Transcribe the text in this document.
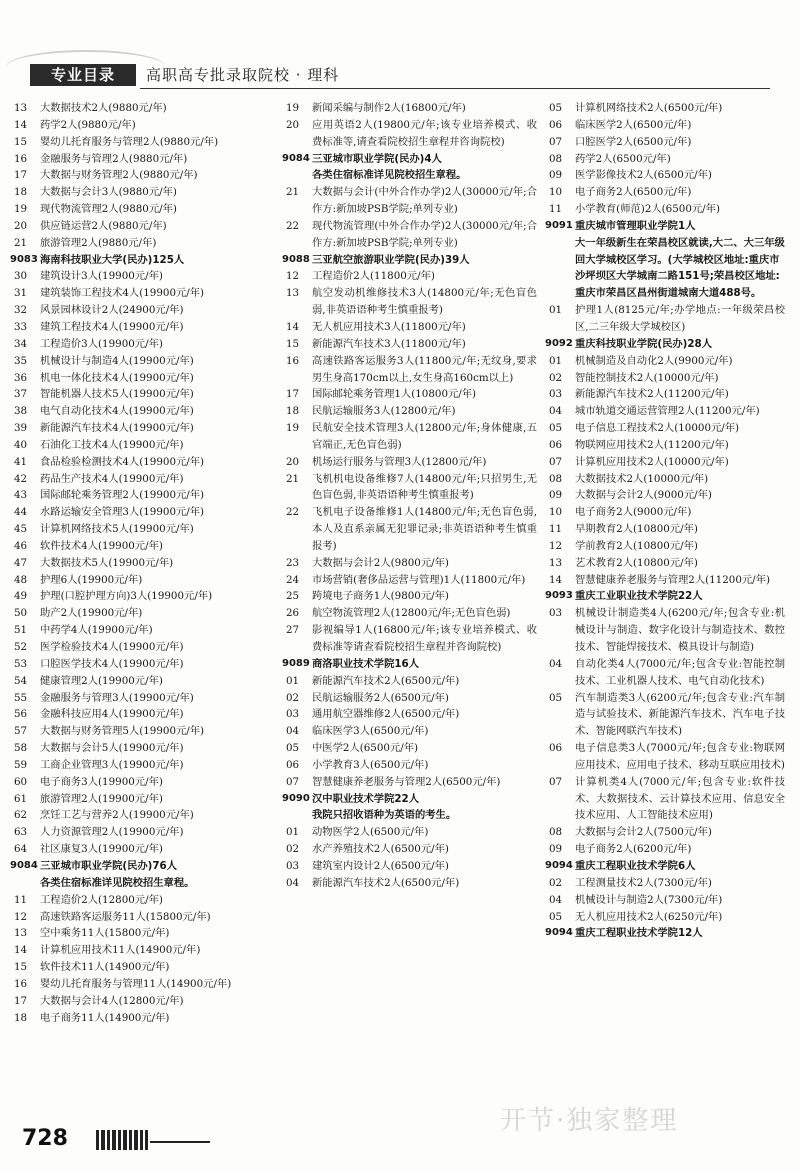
专业目录	高职高专批录取院校 · 理科
13	大数据技术2人(9880元/年)
14	药学2人(9880元/年)
15	婴幼儿托育服务与管理2人(9880元/年)
16	金融服务与管理2人(9880元/年)
17	大数据与财务管理2人(9880元/年)
18	大数据与会计3人(9880元/年)
19	现代物流管理2人(9880元/年)
20	供应链运营2人(9880元/年)
21	旅游管理2人(9880元/年)
9083 海南科技职业大学(民办)125人
30	建筑设计3人(19900元/年)
31	建筑装饰工程技术4人(19900元/年)
32	风景园林设计2人(24900元/年)
33	建筑工程技术4人(19900元/年)
34	工程造价3人(19900元/年)
35	机械设计与制造4人(19900元/年)
36	机电一体化技术4人(19900元/年)
37	智能机器人技术5人(19900元/年)
38	电气自动化技术4人(19900元/年)
39	新能源汽车技术4人(19900元/年)
40	石油化工技术4人(19900元/年)
41	食品检验检测技术4人(19900元/年)
42	药品生产技术4人(19900元/年)
43	国际邮轮乘务管理2人(19900元/年)
44	水路运输安全管理3人(19900元/年)
45	计算机网络技术5人(19900元/年)
46	软件技术4人(19900元/年)
47	大数据技术5人(19900元/年)
48	护理6人(19900元/年)
49	护理(口腔护理方向)3人(19900元/年)
50	助产2人(19900元/年)
51	中药学4人(19900元/年)
52	医学检验技术4人(19900元/年)
53	口腔医学技术4人(19900元/年)
54	健康管理2人(19900元/年)
55	金融服务与管理3人(19900元/年)
56	金融科技应用4人(19900元/年)
57	大数据与财务管理5人(19900元/年)
58	大数据与会计5人(19900元/年)
59	工商企业管理3人(19900元/年)
60	电子商务3人(19900元/年)
61	旅游管理2人(19900元/年)
62	烹饪工艺与营养2人(19900元/年)
63	人力资源管理2人(19900元/年)
64	社区康复3人(19900元/年)
9084 三亚城市职业学院(民办)76人
各类住宿标准详见院校招生章程。
11	工程造价2人(12800元/年)
12	高速铁路客运服务11人(15800元/年)
13	空中乘务11人(15800元/年)
14	计算机应用技术11人(14900元/年)
15	软件技术11人(14900元/年)
16	婴幼儿托育服务与管理11人(14900元/年)
17	大数据与会计4人(12800元/年)
18	电子商务11人(14900元/年)
19	新闻采编与制作2人(16800元/年)
20	应用英语2人(19800元/年;该专业培养模式、收费标准等,请查看院校招生章程并咨询院校)
9084 三亚城市职业学院(民办)4人
各类住宿标准详见院校招生章程。
21	大数据与会计(中外合作办学)2人(30000元/年;合作方:新加坡PSB学院;单列专业)
22	现代物流管理(中外合作办学)2人(30000元/年;合作方:新加坡PSB学院;单列专业)
9088 三亚航空旅游职业学院(民办)39人
12	工程造价2人(11800元/年)
13	航空发动机维修技术3人(14800元/年;无色盲色弱,非英语语种考生慎重报考)
14	无人机应用技术3人(11800元/年)
15	新能源汽车技术3人(11800元/年)
16	高速铁路客运服务3人(11800元/年;无纹身,要求男生身高170cm以上,女生身高160cm以上)
17	国际邮轮乘务管理1人(10800元/年)
18	民航运输服务3人(12800元/年)
19	民航安全技术管理3人(12800元/年;身体健康,五官端正,无色盲色弱)
20	机场运行服务与管理3人(12800元/年)
21	飞机机电设备维修7人(14800元/年;只招男生,无色盲色弱,非英语语种考生慎重报考)
22	飞机电子设备维修1人(14800元/年;无色盲色弱,本人及直系亲属无犯罪记录;非英语语种考生慎重报考)
23	大数据与会计2人(9800元/年)
24	市场营销(奢侈品运营与管理)1人(11800元/年)
25	跨境电子商务1人(9800元/年)
26	航空物流管理2人(12800元/年;无色盲色弱)
27	影视编导1人(16800元/年;该专业培养模式、收费标准等请查看院校招生章程并咨询院校)
9089 商洛职业技术学院16人
01	新能源汽车技术2人(6500元/年)
02	民航运输服务2人(6500元/年)
03	通用航空器维修2人(6500元/年)
04	临床医学3人(6500元/年)
05	中医学2人(6500元/年)
06	小学教育3人(6500元/年)
07	智慧健康养老服务与管理2人(6500元/年)
9090 汉中职业技术学院22人
我院只招收语种为英语的考生。
01	动物医学2人(6500元/年)
02	水产养殖技术2人(6500元/年)
03	建筑室内设计2人(6500元/年)
04	新能源汽车技术2人(6500元/年)
05	计算机网络技术2人(6500元/年)
06	临床医学2人(6500元/年)
07	口腔医学2人(6500元/年)
08	药学2人(6500元/年)
09	医学影像技术2人(6500元/年)
10	电子商务2人(6500元/年)
11	小学教育(师范)2人(6500元/年)
9091 重庆城市管理职业学院1人
大一年级新生在荣昌校区就读,大二、大三年级回大学城校区学习。(大学城校区地址:重庆市沙坪坝区大学城南二路151号;荣昌校区地址:重庆市荣昌区昌州街道城南大道488号。
01	护理1人(8125元/年;办学地点:一年级荣昌校区,二三年级大学城校区)
9092 重庆科技职业学院(民办)28人
01	机械制造及自动化2人(9900元/年)
02	智能控制技术2人(10000元/年)
03	新能源汽车技术2人(11200元/年)
04	城市轨道交通运营管理2人(11200元/年)
05	电子信息工程技术2人(10000元/年)
06	物联网应用技术2人(11200元/年)
07	计算机应用技术2人(10000元/年)
08	大数据技术2人(10000元/年)
09	大数据与会计2人(9000元/年)
10	电子商务2人(9000元/年)
11	早期教育2人(10800元/年)
12	学前教育2人(10800元/年)
13	艺术教育2人(10800元/年)
14	智慧健康养老服务与管理2人(11200元/年)
9093 重庆工业职业技术学院22人
03	机械设计制造类4人(6200元/年;包含专业:机械设计与制造、数字化设计与制造技术、数控技术、智能焊接技术、模具设计与制造)
04	自动化类4人(7000元/年;包含专业:智能控制技术、工业机器人技术、电气自动化技术)
05	汽车制造类3人(6200元/年;包含专业:汽车制造与试验技术、新能源汽车技术、汽车电子技术、智能网联汽车技术)
06	电子信息类3人(7000元/年;包含专业:物联网应用技术、应用电子技术、移动互联应用技术)
07	计算机类4人(7000元/年;包含专业:软件技术、大数据技术、云计算技术应用、信息安全技术应用、人工智能技术应用)
08	大数据与会计2人(7500元/年)
09	电子商务2人(6200元/年)
9094 重庆工程职业技术学院6人
02	工程测量技术2人(7300元/年)
04	机械设计与制造2人(7300元/年)
05	无人机应用技术2人(6250元/年)
9094 重庆工程职业技术学院12人
728
开节·独家整理
